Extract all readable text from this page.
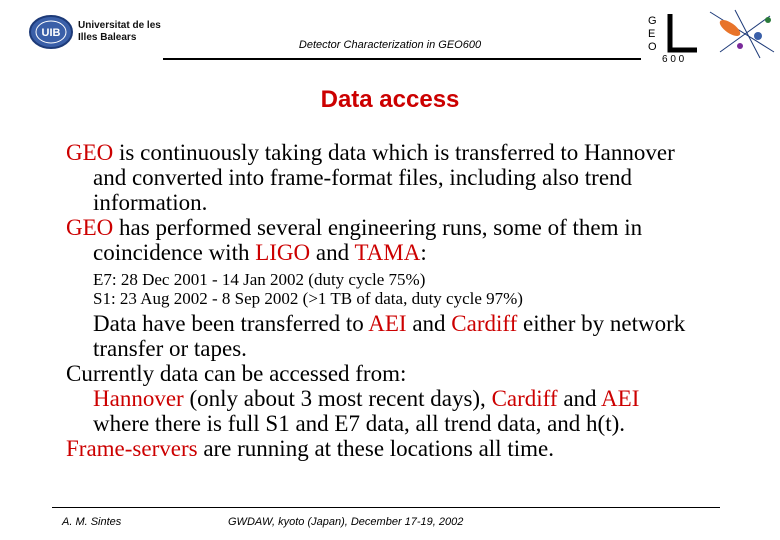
UIB
Universitat de les
Illes Balears
Detector Characterization in GEO600
G
E
O
6 0 0
Data access
GEO is continuously taking data which is transferred to Hannover
and converted into frame-format files, including also trend
information.
GEO has performed several engineering runs, some of them in
coincidence with LIGO and TAMA:
E7: 28 Dec 2001 - 14 Jan 2002 (duty cycle 75%)
S1: 23 Aug 2002 - 8 Sep 2002 (>1 TB of data, duty cycle 97%)
Data have been transferred to AEI and Cardiff either by network
transfer or tapes.
Currently data can be accessed from:
Hannover (only about 3 most recent days), Cardiff and AEI
where there is full S1 and E7 data, all trend data, and h(t).
Frame-servers are running at these locations all time.
A. M. Sintes	GWDAW, kyoto (Japan), December 17-19, 2002
